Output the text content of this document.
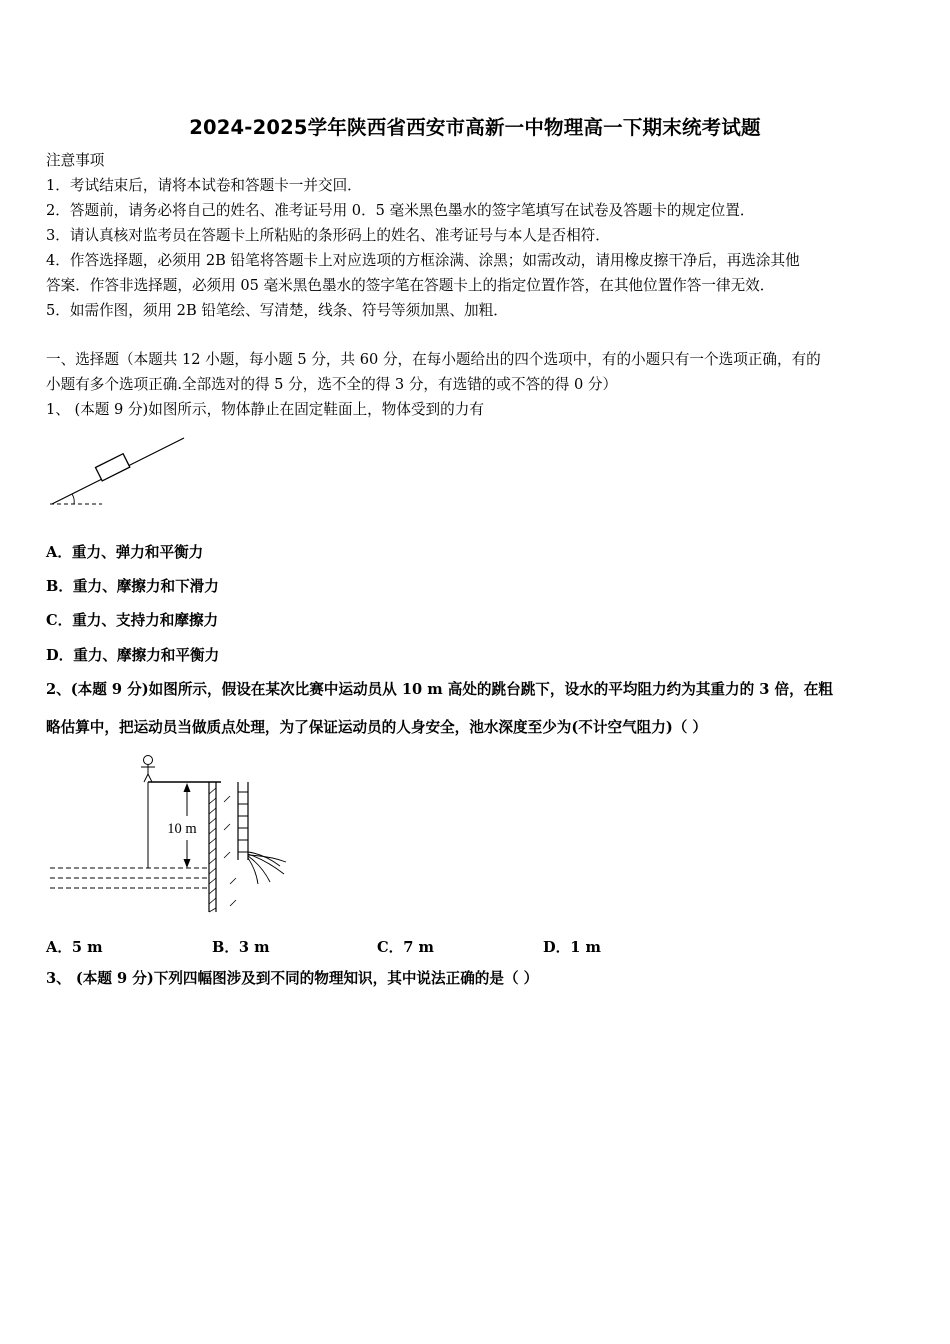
2024-2025学年陕西省西安市高新一中物理高一下期末统考试题
注意事项
1．考试结束后，请将本试卷和答题卡一并交回．
2．答题前，请务必将自己的姓名、准考证号用 0．5 毫米黑色墨水的签字笔填写在试卷及答题卡的规定位置．
3．请认真核对监考员在答题卡上所粘贴的条形码上的姓名、准考证号与本人是否相符．
4．作答选择题，必须用 2B 铅笔将答题卡上对应选项的方框涂满、涂黑；如需改动，请用橡皮擦干净后，再选涂其他
答案．作答非选择题，必须用 05 毫米黑色墨水的签字笔在答题卡上的指定位置作答，在其他位置作答一律无效．
5．如需作图，须用 2B 铅笔绘、写清楚，线条、符号等须加黑、加粗．
一、选择题（本题共 12 小题，每小题 5 分，共 60 分，在每小题给出的四个选项中，有的小题只有一个选项正确，有的
小题有多个选项正确.全部选对的得 5 分，选不全的得 3 分，有选错的或不答的得 0 分）
1、 (本题 9 分)如图所示，物体静止在固定鞋面上，物体受到的力有
A．重力、弹力和平衡力
B．重力、摩擦力和下滑力
C．重力、支持力和摩擦力
D．重力、摩擦力和平衡力
2、(本题 9 分)如图所示，假设在某次比赛中运动员从 10 m 高处的跳台跳下，设水的平均阻力约为其重力的 3 倍，在粗
略估算中，把运动员当做质点处理，为了保证运动员的人身安全，池水深度至少为(不计空气阻力)（ ）
10 m
A．5 m	B．3 m	C．7 m	D．1 m
3、 (本题 9 分)下列四幅图涉及到不同的物理知识，其中说法正确的是（ ）
